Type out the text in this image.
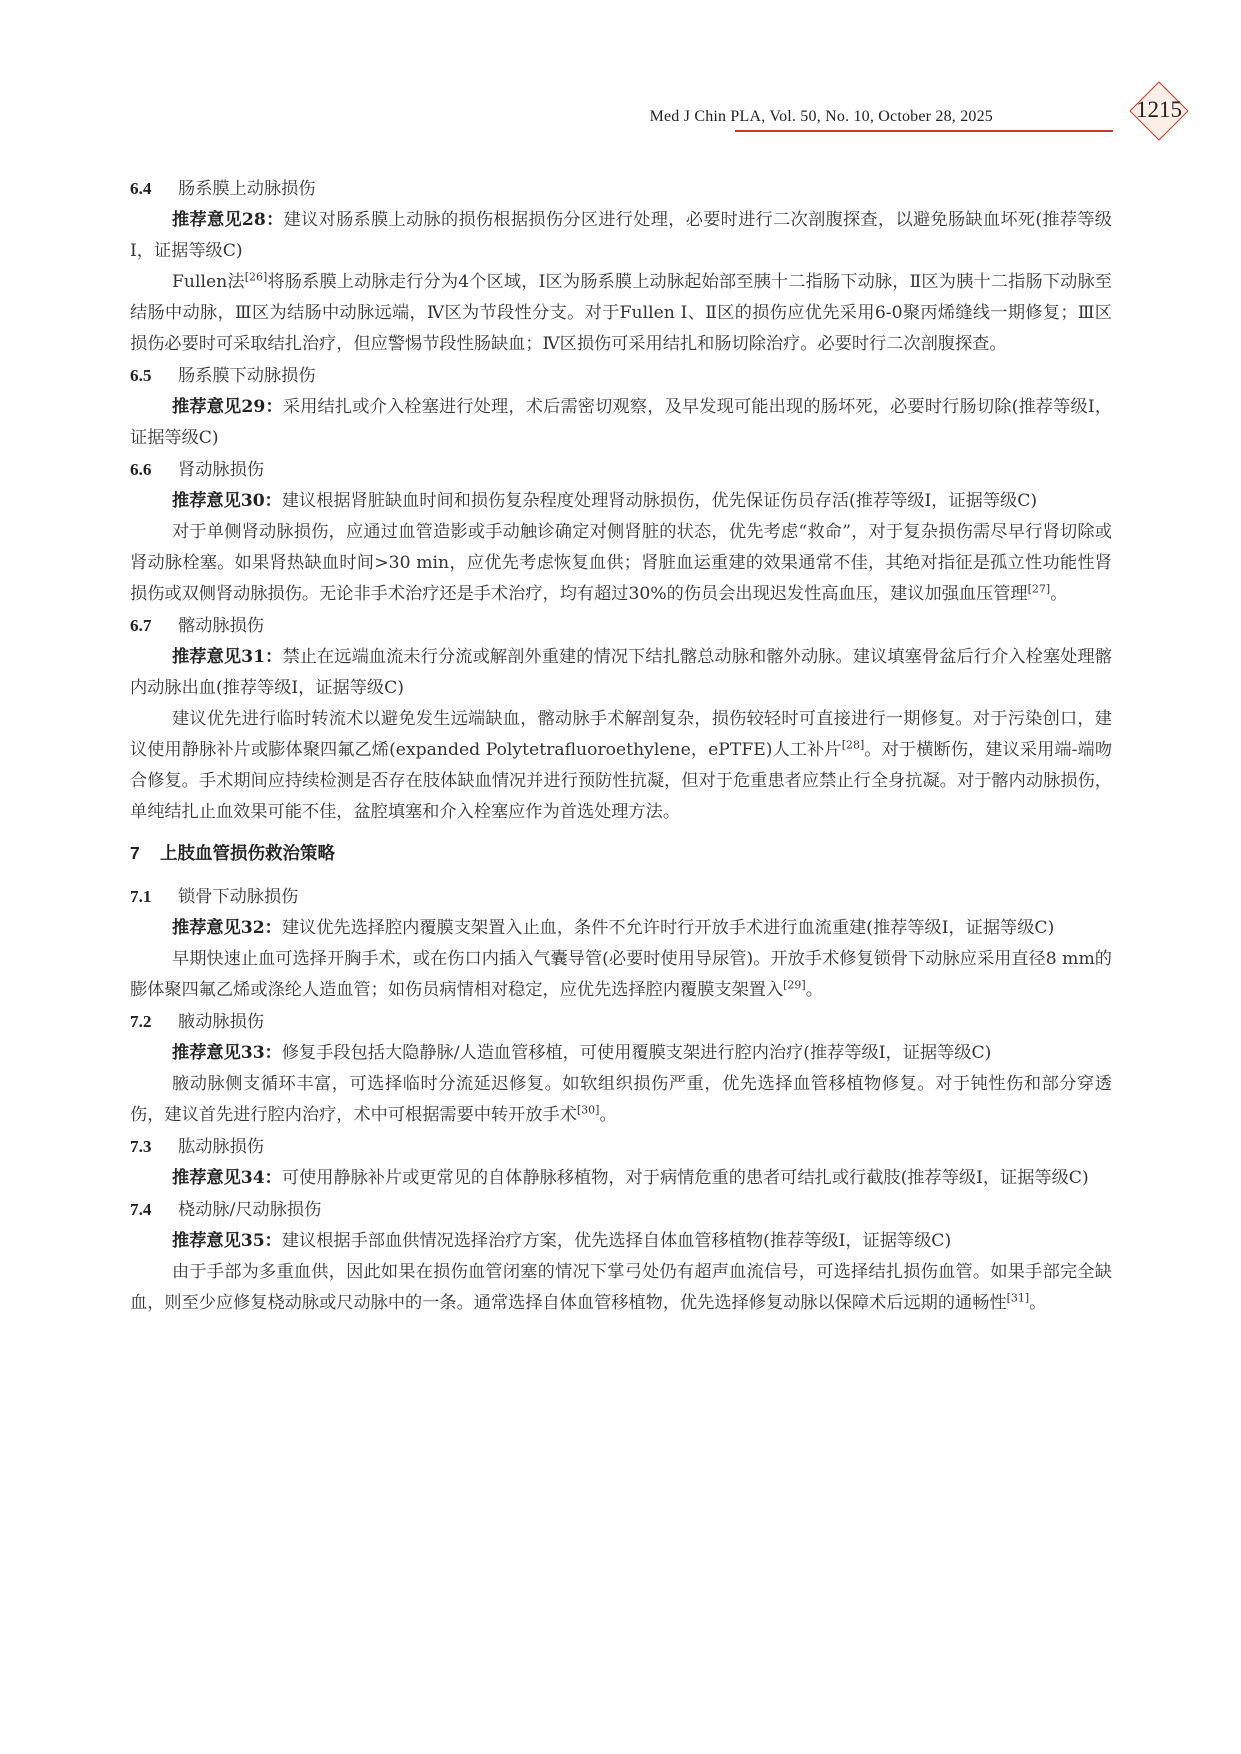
Med J Chin PLA, Vol. 50, No. 10, October 28, 2025	1215

6.4 肠系膜上动脉损伤

推荐意见28：建议对肠系膜上动脉的损伤根据损伤分区进行处理，必要时进行二次剖腹探查，以避免肠缺血坏死(推荐等级Ⅰ，证据等级C)

Fullen法[26]将肠系膜上动脉走行分为4个区域，Ⅰ区为肠系膜上动脉起始部至胰十二指肠下动脉，Ⅱ区为胰十二指肠下动脉至结肠中动脉，Ⅲ区为结肠中动脉远端，Ⅳ区为节段性分支。对于Fullen Ⅰ、Ⅱ区的损伤应优先采用6-0聚丙烯缝线一期修复；Ⅲ区损伤必要时可采取结扎治疗，但应警惕节段性肠缺血；Ⅳ区损伤可采用结扎和肠切除治疗。必要时行二次剖腹探查。

6.5 肠系膜下动脉损伤

推荐意见29：采用结扎或介入栓塞进行处理，术后需密切观察，及早发现可能出现的肠坏死，必要时行肠切除(推荐等级Ⅰ，证据等级C)

6.6 肾动脉损伤

推荐意见30：建议根据肾脏缺血时间和损伤复杂程度处理肾动脉损伤，优先保证伤员存活(推荐等级Ⅰ，证据等级C)

对于单侧肾动脉损伤，应通过血管造影或手动触诊确定对侧肾脏的状态，优先考虑“救命”，对于复杂损伤需尽早行肾切除或肾动脉栓塞。如果肾热缺血时间>30 min，应优先考虑恢复血供；肾脏血运重建的效果通常不佳，其绝对指征是孤立性功能性肾损伤或双侧肾动脉损伤。无论非手术治疗还是手术治疗，均有超过30%的伤员会出现迟发性高血压，建议加强血压管理[27]。

6.7 髂动脉损伤

推荐意见31：禁止在远端血流未行分流或解剖外重建的情况下结扎髂总动脉和髂外动脉。建议填塞骨盆后行介入栓塞处理髂内动脉出血(推荐等级Ⅰ，证据等级C)

建议优先进行临时转流术以避免发生远端缺血，髂动脉手术解剖复杂，损伤较轻时可直接进行一期修复。对于污染创口，建议使用静脉补片或膨体聚四氟乙烯(expanded Polytetrafluoroethylene，ePTFE)人工补片[28]。对于横断伤，建议采用端-端吻合修复。手术期间应持续检测是否存在肢体缺血情况并进行预防性抗凝，但对于危重患者应禁止行全身抗凝。对于髂内动脉损伤，单纯结扎止血效果可能不佳，盆腔填塞和介入栓塞应作为首选处理方法。

7 上肢血管损伤救治策略

7.1 锁骨下动脉损伤

推荐意见32：建议优先选择腔内覆膜支架置入止血，条件不允许时行开放手术进行血流重建(推荐等级Ⅰ，证据等级C)

早期快速止血可选择开胸手术，或在伤口内插入气囊导管(必要时使用导尿管)。开放手术修复锁骨下动脉应采用直径8 mm的膨体聚四氟乙烯或涤纶人造血管；如伤员病情相对稳定，应优先选择腔内覆膜支架置入[29]。

7.2 腋动脉损伤

推荐意见33：修复手段包括大隐静脉/人造血管移植，可使用覆膜支架进行腔内治疗(推荐等级Ⅰ，证据等级C)

腋动脉侧支循环丰富，可选择临时分流延迟修复。如软组织损伤严重，优先选择血管移植物修复。对于钝性伤和部分穿透伤，建议首先进行腔内治疗，术中可根据需要中转开放手术[30]。

7.3 肱动脉损伤

推荐意见34：可使用静脉补片或更常见的自体静脉移植物，对于病情危重的患者可结扎或行截肢(推荐等级Ⅰ，证据等级C)

7.4 桡动脉/尺动脉损伤

推荐意见35：建议根据手部血供情况选择治疗方案，优先选择自体血管移植物(推荐等级Ⅰ，证据等级C)

由于手部为多重血供，因此如果在损伤血管闭塞的情况下掌弓处仍有超声血流信号，可选择结扎损伤血管。如果手部完全缺血，则至少应修复桡动脉或尺动脉中的一条。通常选择自体血管移植物，优先选择修复动脉以保障术后远期的通畅性[31]。
